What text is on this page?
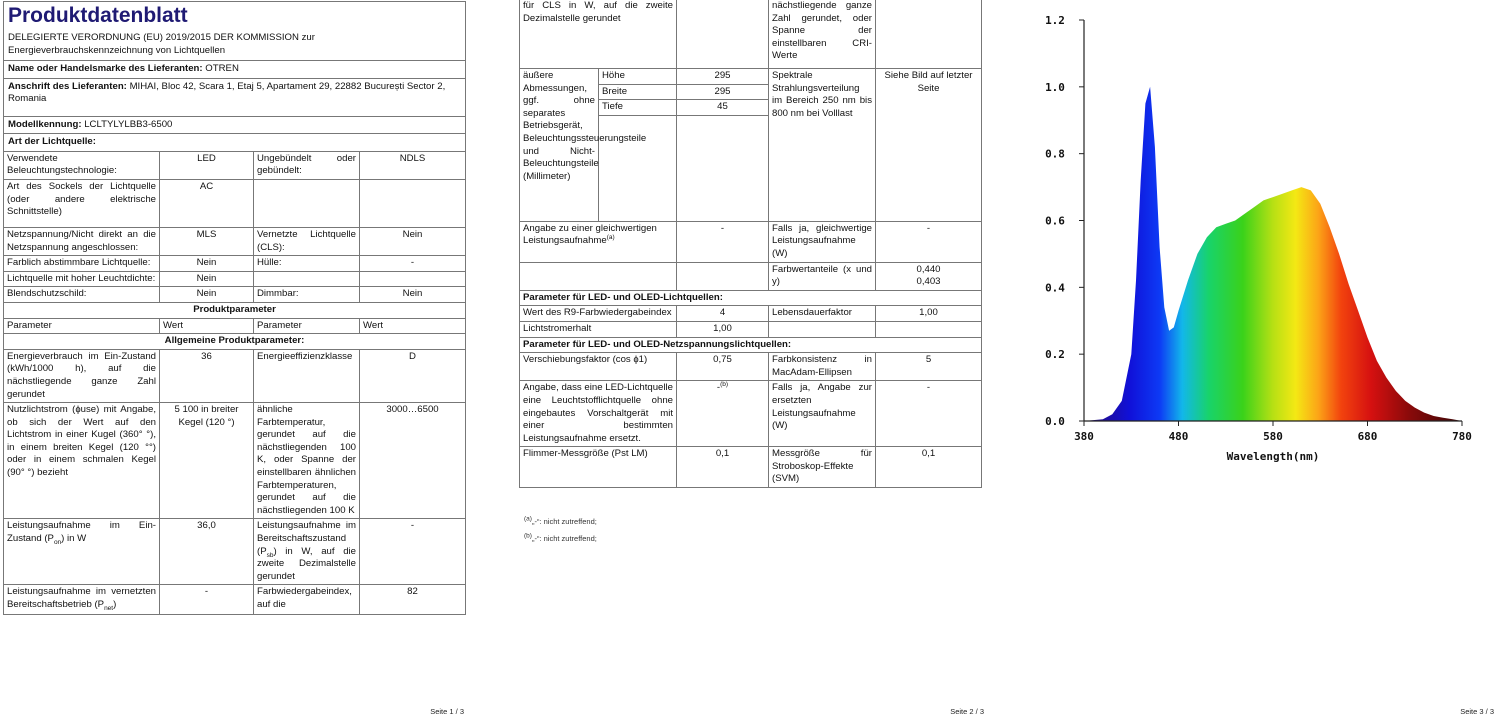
Produktdatenblatt
DELEGIERTE VERORDNUNG (EU) 2019/2015 DER KOMMISSION zur Energieverbrauchskennzeichnung von Lichtquellen			

Name oder Handelsmarke des Lieferanten: OTREN			
Anschrift des Lieferanten: MIHAI, Bloc 42, Scara 1, Etaj 5, Apartament 29, 22882 București Sector 2, Romania			
Modellkennung: LCLTYLYLBB3-6500			
Art der Lichtquelle:			
Verwendete Beleuchtungstechnologie:	LED	Ungebündelt oder gebündelt:	NDLS
Art des Sockels der Lichtquelle (oder andere elektrische Schnittstelle)	AC		
Netzspannung/Nicht direkt an die Netzspannung angeschlossen:	MLS	Vernetzte Lichtquelle (CLS):	Nein
Farblich abstimmbare Lichtquelle:	Nein	Hülle:	-
Lichtquelle mit hoher Leuchtdichte:	Nein		
Blendschutzschild:	Nein	Dimmbar:	Nein
Produktparameter			
Parameter	Wert	Parameter	Wert
Allgemeine Produktparameter:			
Energieverbrauch im Ein-Zustand (kWh/1000 h), auf die nächstliegende ganze Zahl gerundet	36	Energieeffizienzklasse	D
Nutzlichtstrom (ɸuse) mit Angabe, ob sich der Wert auf den Lichtstrom in einer Kugel (360° °), in einem breiten Kegel (120 °°) oder in einem schmalen Kegel (90° °) bezieht	5 100 in breiter Kegel (120 °)	ähnliche Farbtemperatur, gerundet auf die nächstliegenden 100 K, oder Spanne der einstellbaren ähnlichen Farbtemperaturen, gerundet auf die nächstliegenden 100 K	3000…6500
Leistungsaufnahme im Ein-Zustand $(P_{on})$ in W	36,0	Leistungsaufnahme im Bereitschaftszustand $(P_{sb})$ in W, auf die zweite Dezimalstelle gerundet	-
Leistungsaufnahme im vernetzten Bereitschaftsbetrieb $(P_{net})$	-	Farbwiedergabeindex, auf die	82
Seite 1 / 3
für CLS in W, auf die zweite Dezimalstelle gerundet			nächstliegende ganze Zahl gerundet, oder Spanne der einstellbaren CRI-Werte	
äußere Abmessungen, ggf. ohne separates Betriebsgerät, Beleuchtungssteuerungsteile und Nicht-Beleuchtungsteile (Millimeter)	Höhe	295	Spektrale Strahlungsverteilung im Bereich 250 nm bis 800 nm bei Volllast	Siehe Bild auf letzter Seite
	Breite	295		
	Tiefe	45		

Angabe zu einer gleichwertigen Leistungsaufnahme$^{(a)}$		-	Falls ja, gleichwertige Leistungsaufnahme (W)	-
			Farbwertanteile (x und y)	0,440
0,403

Parameter für LED- und OLED-Lichtquellen:				
Wert des R9-Farbwiedergabeindex		4	Lebensdauerfaktor	1,00
Lichtstromerhalt		1,00		
Parameter für LED- und OLED-Netzspannungslichtquellen:				
Verschiebungsfaktor (cos ɸ1)		0,75	Farbkonsistenz in MacAdam-Ellipsen	5
Angabe, dass eine LED-Lichtquelle eine Leuchtstofflichtquelle ohne eingebautes Vorschaltgerät mit einer bestimmten Leistungsaufnahme ersetzt.		-$^{(b)}$	Falls ja, Angabe zur ersetzten Leistungsaufnahme (W)	-
Flimmer-Messgröße (Pst LM)		0,1	Messgröße für Stroboskop-Effekte (SVM)	0,1
$^{(a)}$„-“: nicht zutreffend;
$^{(b)}$„-“: nicht zutreffend;
Seite 2 / 3
380	480	580	680	780
0.0
0.2
0.4
0.6
0.8
1.0
1.2
Wavelength(nm)
Seite 3 / 3
